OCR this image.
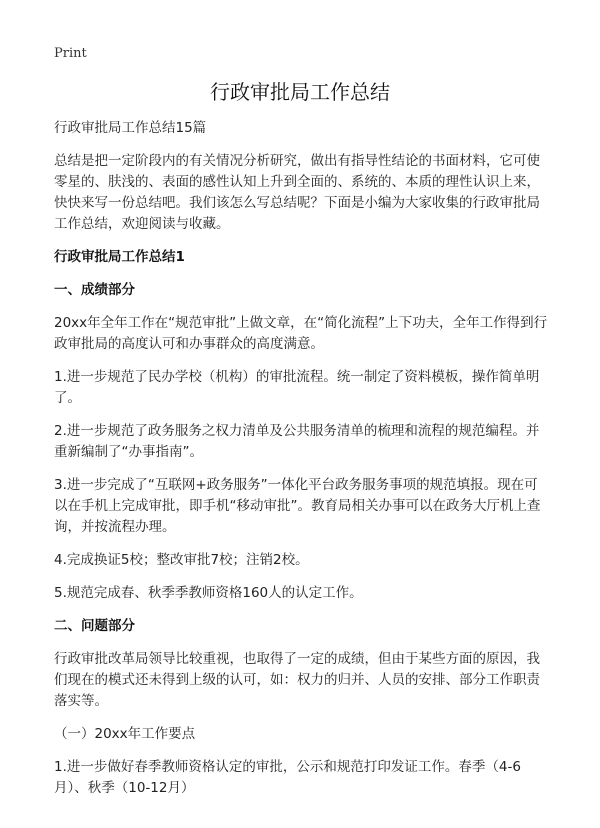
Print
行政审批局工作总结

行政审批局工作总结15篇

总结是把一定阶段内的有关情况分析研究，做出有指导性结论的书面材料，它可使零星的、肤浅的、表面的感性认知上升到全面的、系统的、本质的理性认识上来，快快来写一份总结吧。我们该怎么写总结呢？下面是小编为大家收集的行政审批局工作总结，欢迎阅读与收藏。

行政审批局工作总结1

一、成绩部分

20xx年全年工作在“规范审批”上做文章，在“简化流程”上下功夫，全年工作得到行政审批局的高度认可和办事群众的高度满意。

1.进一步规范了民办学校（机构）的审批流程。统一制定了资料模板，操作简单明了。

2.进一步规范了政务服务之权力清单及公共服务清单的梳理和流程的规范编程。并重新编制了“办事指南”。

3.进一步完成了“互联网+政务服务”一体化平台政务服务事项的规范填报。现在可以在手机上完成审批，即手机“移动审批”。教育局相关办事可以在政务大厅机上查询，并按流程办理。

4.完成换证5校；整改审批7校；注销2校。

5.规范完成春、秋季季教师资格160人的认定工作。

二、问题部分

行政审批改革局领导比较重视，也取得了一定的成绩，但由于某些方面的原因，我们现在的模式还未得到上级的认可，如：权力的归并、人员的安排、部分工作职责落实等。

（一）20xx年工作要点

1.进一步做好春季教师资格认定的审批，公示和规范打印发证工作。春季（4-6月）、秋季（10-12月）
